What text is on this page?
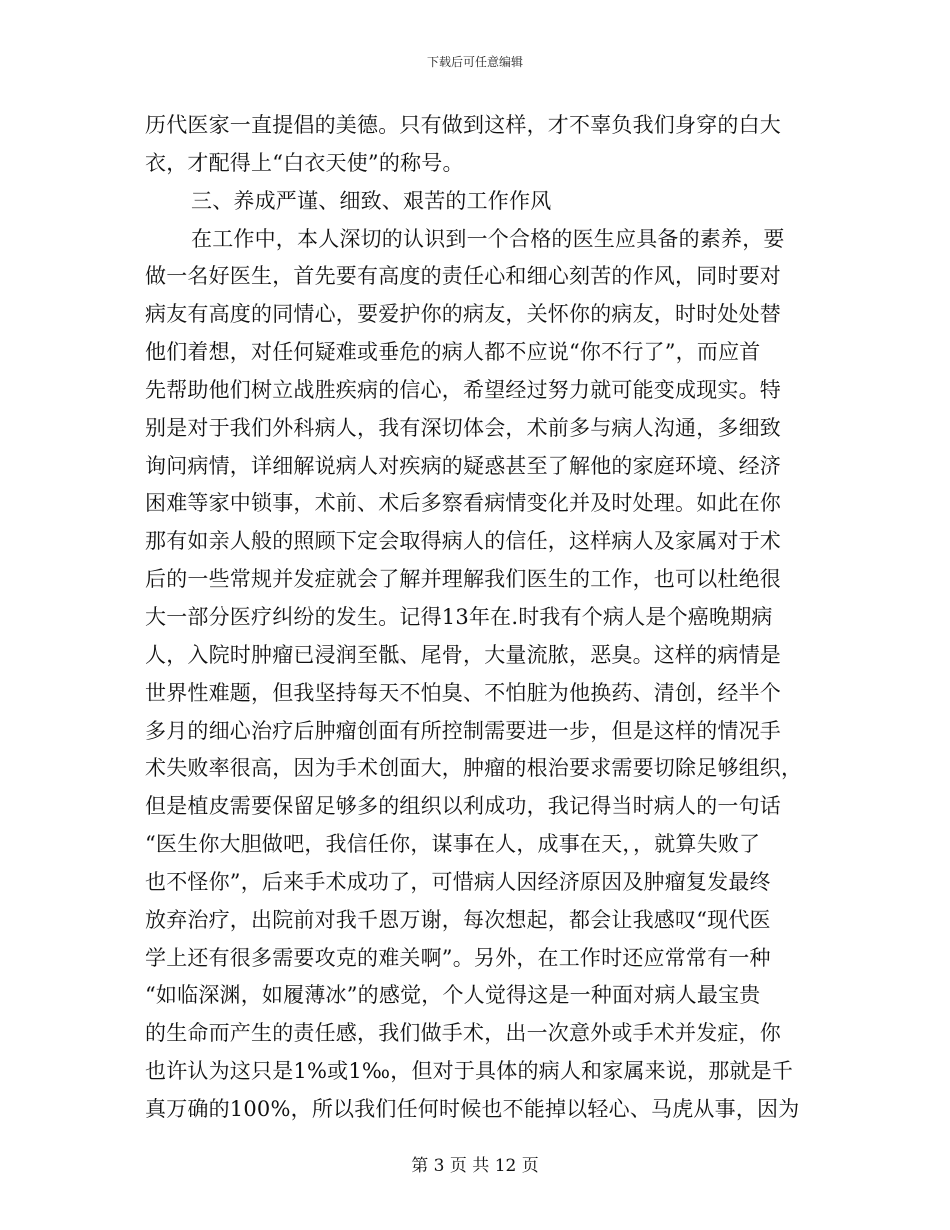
下载后可任意编辑
历代医家一直提倡的美德。只有做到这样，才不辜负我们身穿的白大
衣，才配得上“白衣天使”的称号。
三、养成严谨、细致、艰苦的工作作风
在工作中，本人深切的认识到一个合格的医生应具备的素养，要
做一名好医生，首先要有高度的责任心和细心刻苦的作风，同时要对
病友有高度的同情心，要爱护你的病友，关怀你的病友，时时处处替
他们着想，对任何疑难或垂危的病人都不应说“你不行了”，而应首
先帮助他们树立战胜疾病的信心，希望经过努力就可能变成现实。特
别是对于我们外科病人，我有深切体会，术前多与病人沟通，多细致
询问病情，详细解说病人对疾病的疑惑甚至了解他的家庭环境、经济
困难等家中锁事，术前、术后多察看病情变化并及时处理。如此在你
那有如亲人般的照顾下定会取得病人的信任，这样病人及家属对于术
后的一些常规并发症就会了解并理解我们医生的工作，也可以杜绝很
大一部分医疗纠纷的发生。记得13年在.时我有个病人是个癌晚期病
人，入院时肿瘤已浸润至骶、尾骨，大量流脓，恶臭。这样的病情是
世界性难题，但我坚持每天不怕臭、不怕脏为他换药、清创，经半个
多月的细心治疗后肿瘤创面有所控制需要进一步，但是这样的情况手
术失败率很高，因为手术创面大，肿瘤的根治要求需要切除足够组织，
但是植皮需要保留足够多的组织以利成功，我记得当时病人的一句话
“医生你大胆做吧，我信任你，谋事在人，成事在天，，就算失败了
也不怪你”，后来手术成功了，可惜病人因经济原因及肿瘤复发最终
放弃治疗，出院前对我千恩万谢，每次想起，都会让我感叹“现代医
学上还有很多需要攻克的难关啊”。另外，在工作时还应常常有一种
“如临深渊，如履薄冰”的感觉，个人觉得这是一种面对病人最宝贵
的生命而产生的责任感，我们做手术，出一次意外或手术并发症，你
也许认为这只是1%或1‰，但对于具体的病人和家属来说，那就是千
真万确的100%，所以我们任何时候也不能掉以轻心、马虎从事，因为
第 3 页 共 12 页
